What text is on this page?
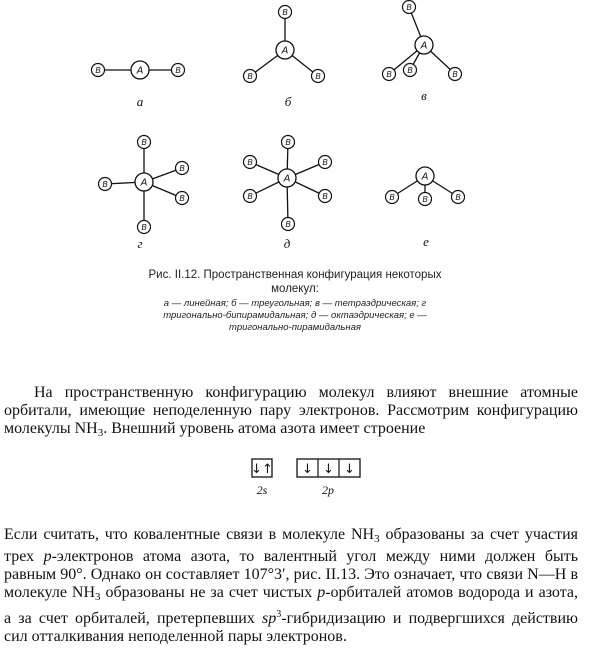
A
B	B
A
B
B	B
A
B
B B	B
A
B
B
B
B
B
A
B
B	B
B	B
B
A
B	B	B
а	б	в
г	д	е
Рис. II.12. Пространственная конфигурация некоторых
молекул:
а — линейная; б — треугольная; в — тетраэдрическая; г
тригонально-бипирамидальная; д — октаэдрическая; е —
тригонально-пирамидальная

На пространственную конфигурацию молекул влияют внешние атомные орбитали, имеющие неподеленную пару электронов. Рассмотрим конфигурацию молекулы NH3. Внешний уровень атома азота имеет строение

↓↑ ↓ ↓ ↓
2s	2p

Если считать, что ковалентные связи в молекуле NH3 образованы за счет участия трех p-электронов атома азота, то валентный угол между ними должен быть равным 90°. Однако он составляет 107°3′, рис. II.13. Это означает, что связи N—H в молекуле NH3 образованы не за счет чистых p-орбиталей атомов водорода и азота, а за счет орбиталей, претерпевших $sp^3$-гибридизацию и подвергшихся действию сил отталкивания неподеленной пары электронов.
